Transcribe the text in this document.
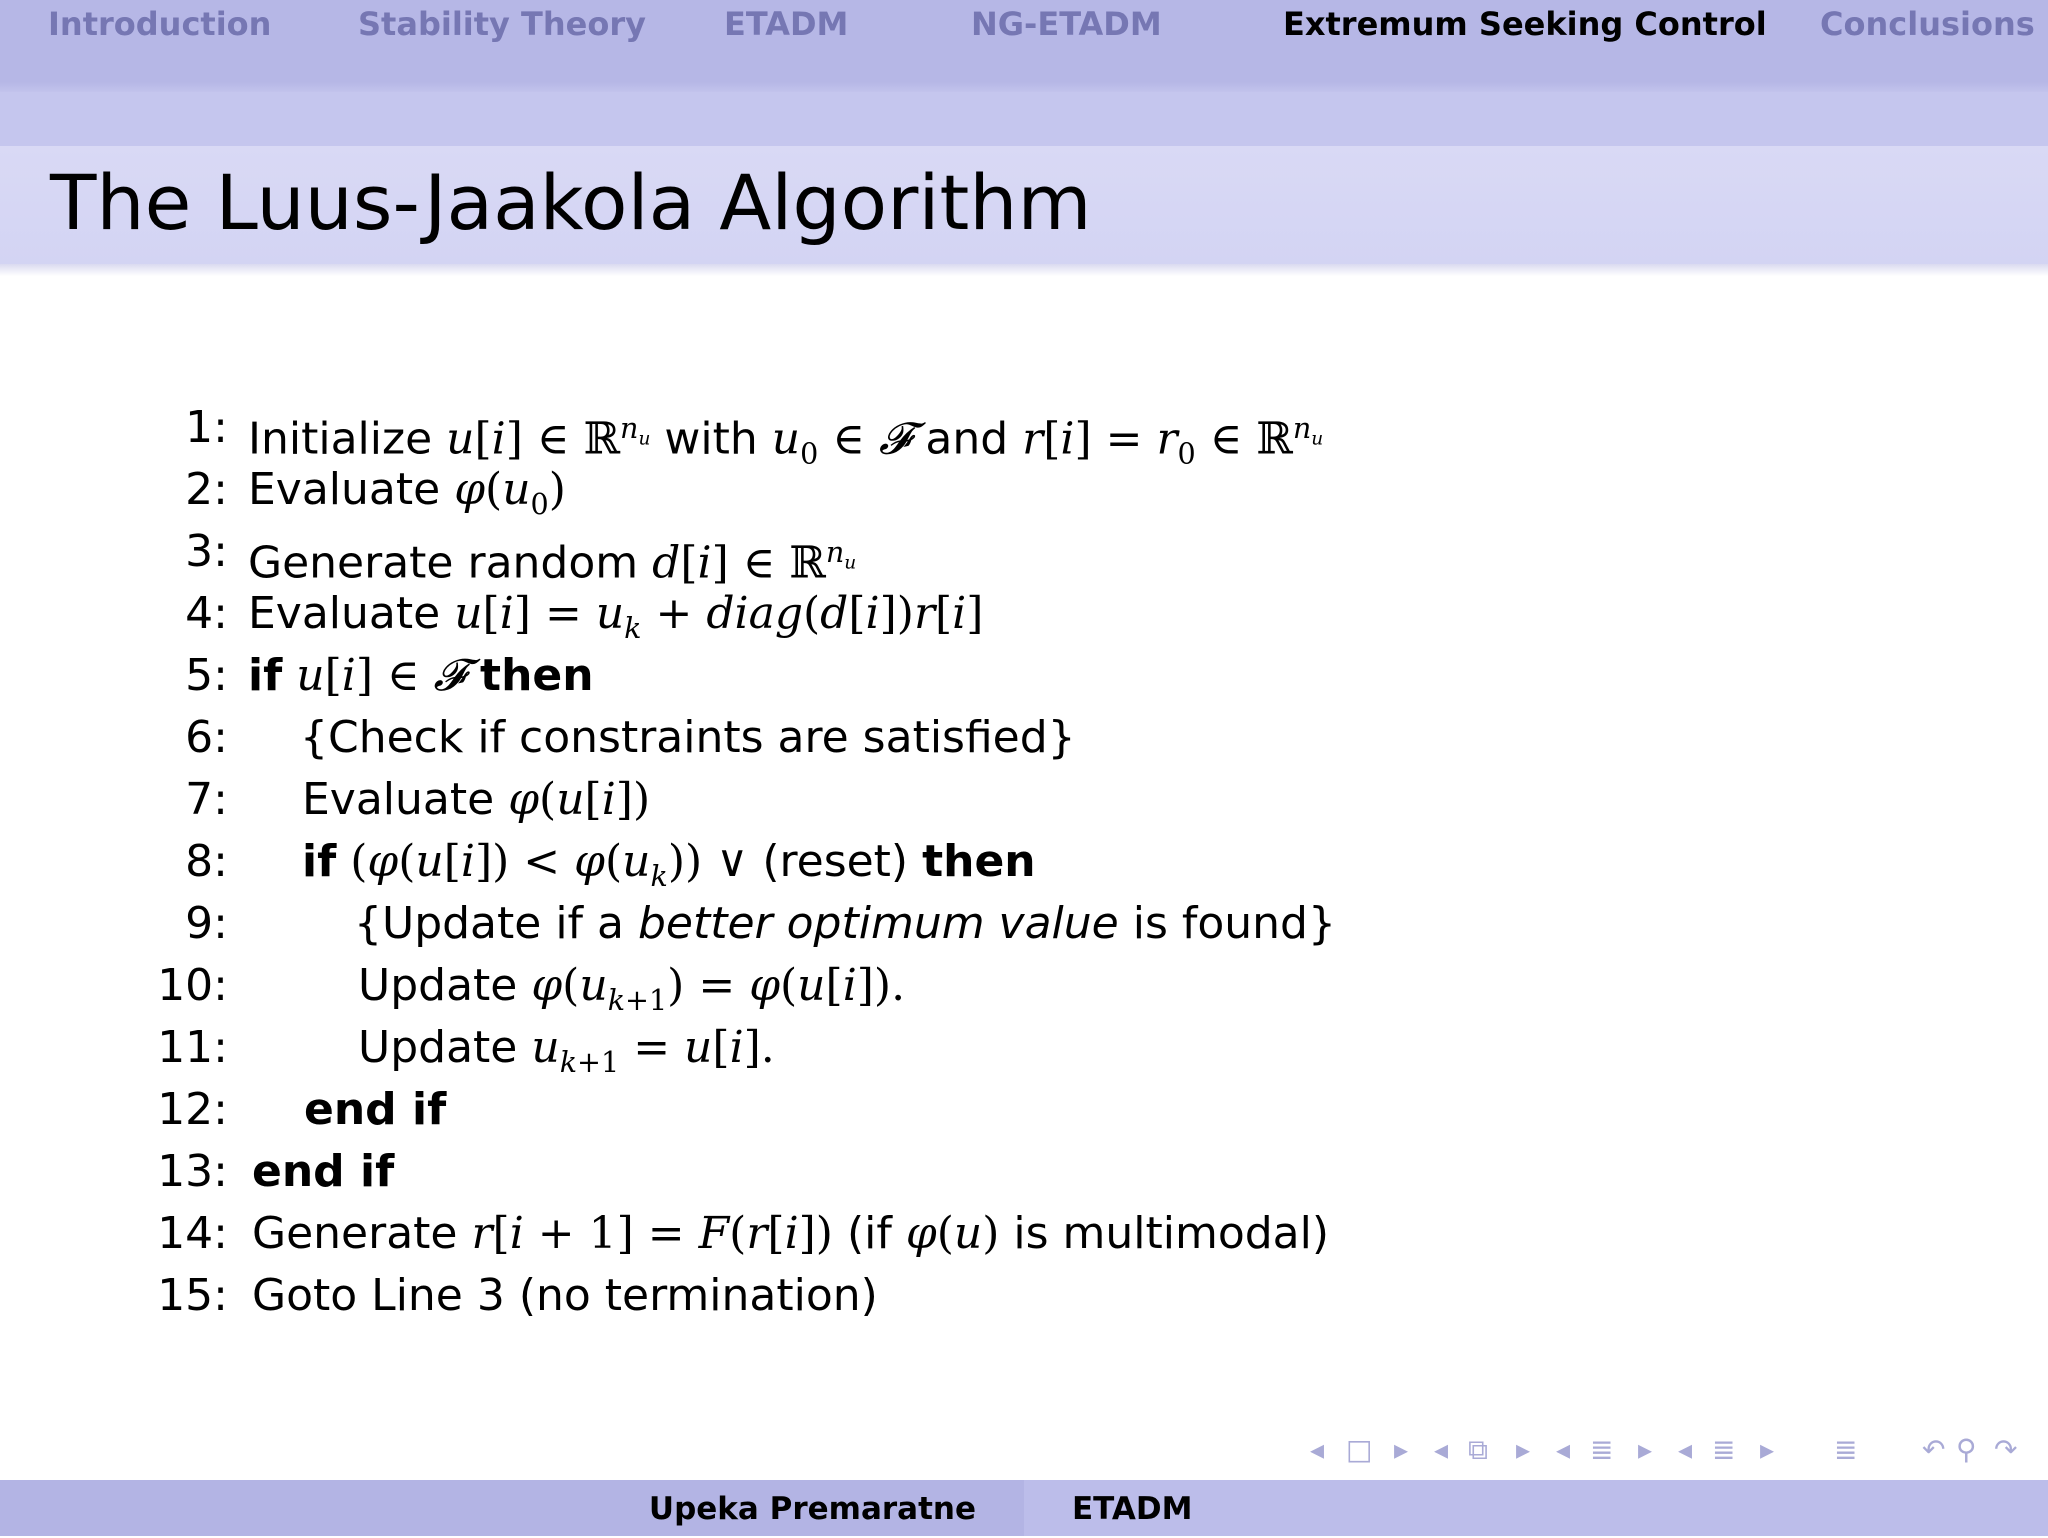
Introduction	Stability Theory ETADM	NG-ETADM	Extremum Seeking Control Conclusions
The Luus-Jaakola Algorithm
1: Initialize u[i] ∈ ℝ$^{n_u}$ with $u_0$ ∈ 𝓕 and $r[i] = r_0$ ∈ ℝ$^{n_u}$
2: Evaluate $\varphi(u_0)$
3: Generate random d[i] ∈ ℝ$^{n_u}$
4: Evaluate $u[i] = u_k$ + diag(d[i])r[i]
5: if u[i] ∈ 𝓕 then
6: {Check if constraints are satisfied}
7: Evaluate φ(u[i])
8: if $(\varphi(u[i]) < \varphi(u_k))$ ∨ (reset) then
9:	{Update if a better optimum value is found}
10:	Update $\varphi(u_{k+1}) = \varphi(u[i])$.
11:	Update $u_{k+1} = u[i]$.
12: end if
13: end if
14: Generate r[i + 1] = F(r[i]) (if φ(u) is multimodal)
15: Goto Line 3 (no termination)
◂ □ ▸ ◂ ⧉ ▸ ◂ ≣ ▸ ◂ ≣ ▸ ≣ ↶ ⚲ ↷
Upeka Premaratne	ETADM
